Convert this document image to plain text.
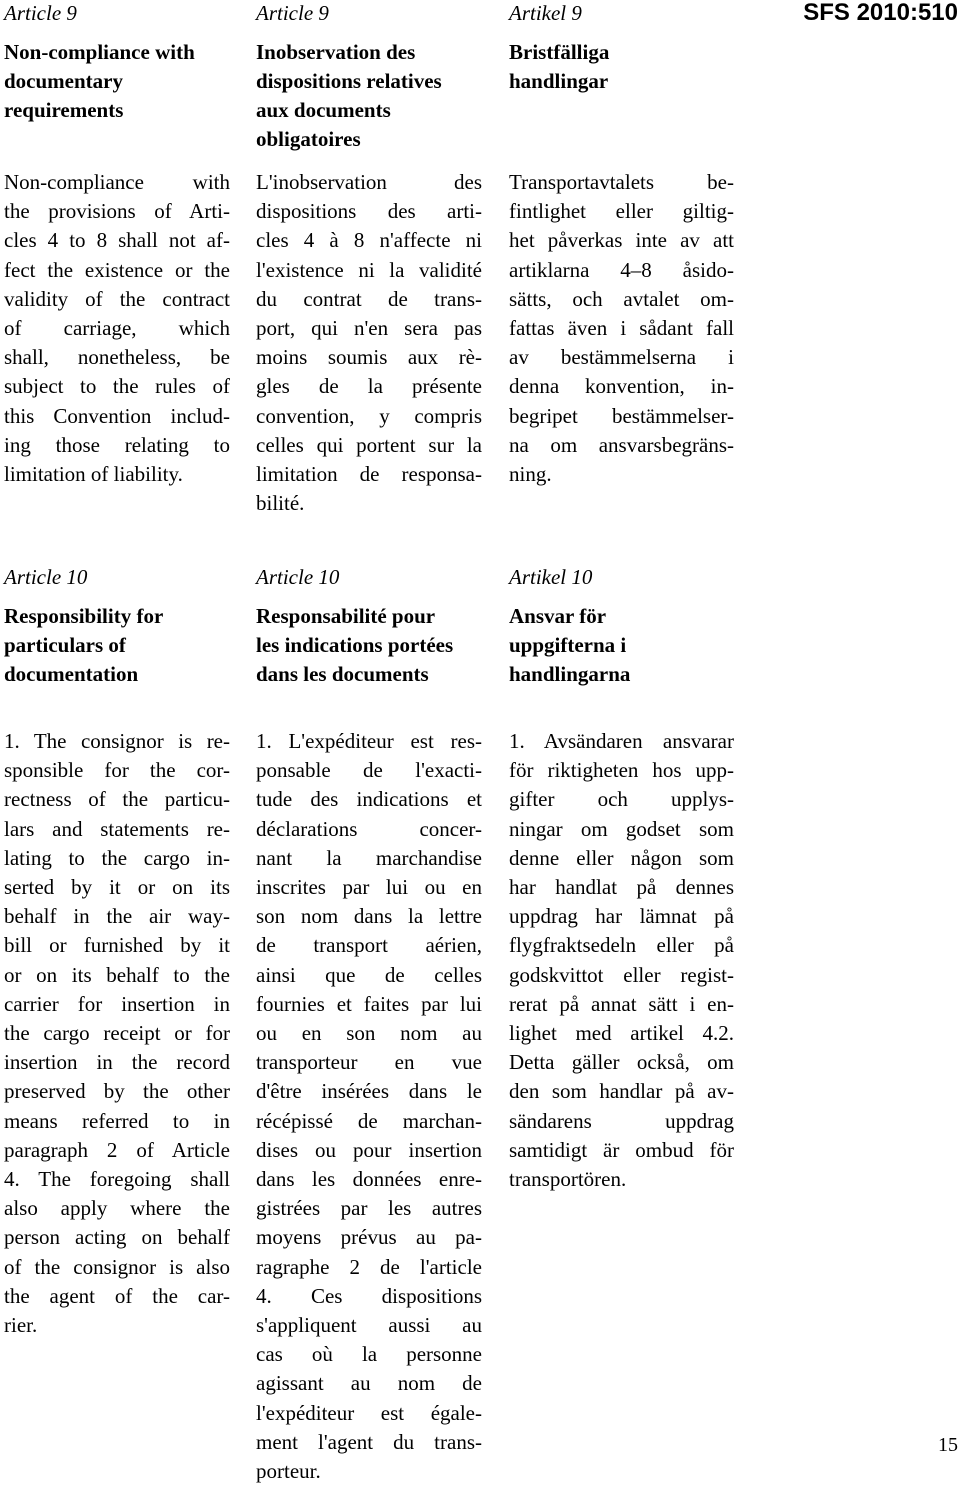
SFS 2010:510
Article 9
Non-compliance with
documentary
requirements
Non-compliance with
the provisions of Arti-
cles 4 to 8 shall not af-
fect the existence or the
validity of the contract
of carriage, which
shall, nonetheless, be
subject to the rules of
this Convention includ-
ing those relating to
limitation of liability.
Article 9
Inobservation des
dispositions relatives
aux documents
obligatoires
L'inobservation des
dispositions des arti-
cles 4 à 8 n'affecte ni
l'existence ni la validité
du contrat de trans-
port, qui n'en sera pas
moins soumis aux rè-
gles de la présente
convention, y compris
celles qui portent sur la
limitation de responsa-
bilité.
Artikel 9
Bristfälliga
handlingar
Transportavtalets be-
fintlighet eller giltig-
het påverkas inte av att
artiklarna 4–8 åsido-
sätts, och avtalet om-
fattas även i sådant fall
av bestämmelserna i
denna konvention, in-
begripet bestämmelser-
na om ansvarsbegräns-
ning.
Article 10
Responsibility for
particulars of
documentation
1. The consignor is re-
sponsible for the cor-
rectness of the particu-
lars and statements re-
lating to the cargo in-
serted by it or on its
behalf in the air way-
bill or furnished by it
or on its behalf to the
carrier for insertion in
the cargo receipt or for
insertion in the record
preserved by the other
means referred to in
paragraph 2 of Article
4. The foregoing shall
also apply where the
person acting on behalf
of the consignor is also
the agent of the car-
rier.
Article 10
Responsabilité pour
les indications portées
dans les documents
1. L'expéditeur est res-
ponsable de l'exacti-
tude des indications et
déclarations concer-
nant la marchandise
inscrites par lui ou en
son nom dans la lettre
de transport aérien,
ainsi que de celles
fournies et faites par lui
ou en son nom au
transporteur en vue
d'être insérées dans le
récépissé de marchan-
dises ou pour insertion
dans les données enre-
gistrées par les autres
moyens prévus au pa-
ragraphe 2 de l'article
4. Ces dispositions
s'appliquent aussi au
cas où la personne
agissant au nom de
l'expéditeur est égale-
ment l'agent du trans-
porteur.
Artikel 10
Ansvar för
uppgifterna i
handlingarna
1. Avsändaren ansvarar
för riktigheten hos upp-
gifter och upplys-
ningar om godset som
denne eller någon som
har handlat på dennes
uppdrag har lämnat på
flygfraktsedeln eller på
godskvittot eller regist-
rerat på annat sätt i en-
lighet med artikel 4.2.
Detta gäller också, om
den som handlar på av-
sändarens uppdrag
samtidigt är ombud för
transportören.
15
